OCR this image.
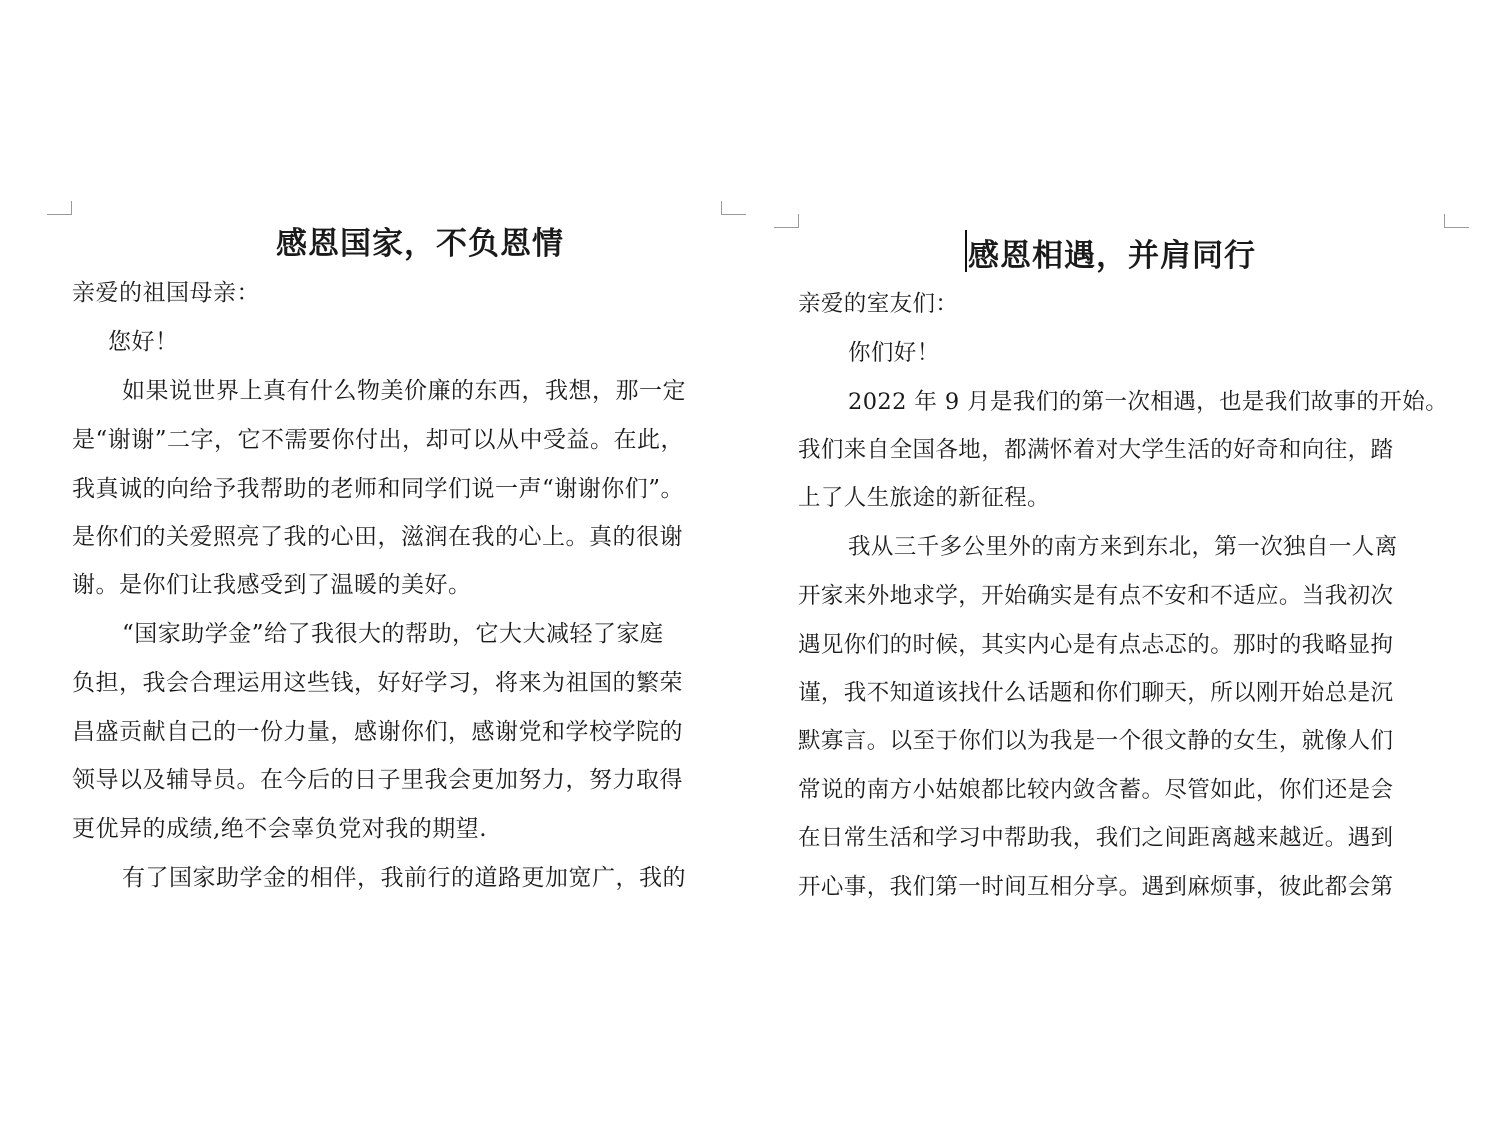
感恩国家，不负恩情

亲爱的祖国母亲：

您好！

如果说世界上真有什么物美价廉的东西，我想，那一定

是“谢谢”二字，它不需要你付出，却可以从中受益。在此，

我真诚的向给予我帮助的老师和同学们说一声“谢谢你们”。

是你们的关爱照亮了我的心田，滋润在我的心上。真的很谢

谢。是你们让我感受到了温暖的美好。

“国家助学金”给了我很大的帮助，它大大减轻了家庭

负担，我会合理运用这些钱，好好学习，将来为祖国的繁荣

昌盛贡献自己的一份力量，感谢你们，感谢党和学校学院的

领导以及辅导员。在今后的日子里我会更加努力，努力取得

更优异的成绩,绝不会辜负党对我的期望.

有了国家助学金的相伴，我前行的道路更加宽广，我的

感恩相遇，并肩同行

亲爱的室友们：

你们好！

2022 年 9 月是我们的第一次相遇，也是我们故事的开始。

我们来自全国各地，都满怀着对大学生活的好奇和向往，踏

上了人生旅途的新征程。

我从三千多公里外的南方来到东北，第一次独自一人离

开家来外地求学，开始确实是有点不安和不适应。当我初次

遇见你们的时候，其实内心是有点忐忑的。那时的我略显拘

谨，我不知道该找什么话题和你们聊天，所以刚开始总是沉

默寡言。以至于你们以为我是一个很文静的女生，就像人们

常说的南方小姑娘都比较内敛含蓄。尽管如此，你们还是会

在日常生活和学习中帮助我，我们之间距离越来越近。遇到

开心事，我们第一时间互相分享。遇到麻烦事，彼此都会第
